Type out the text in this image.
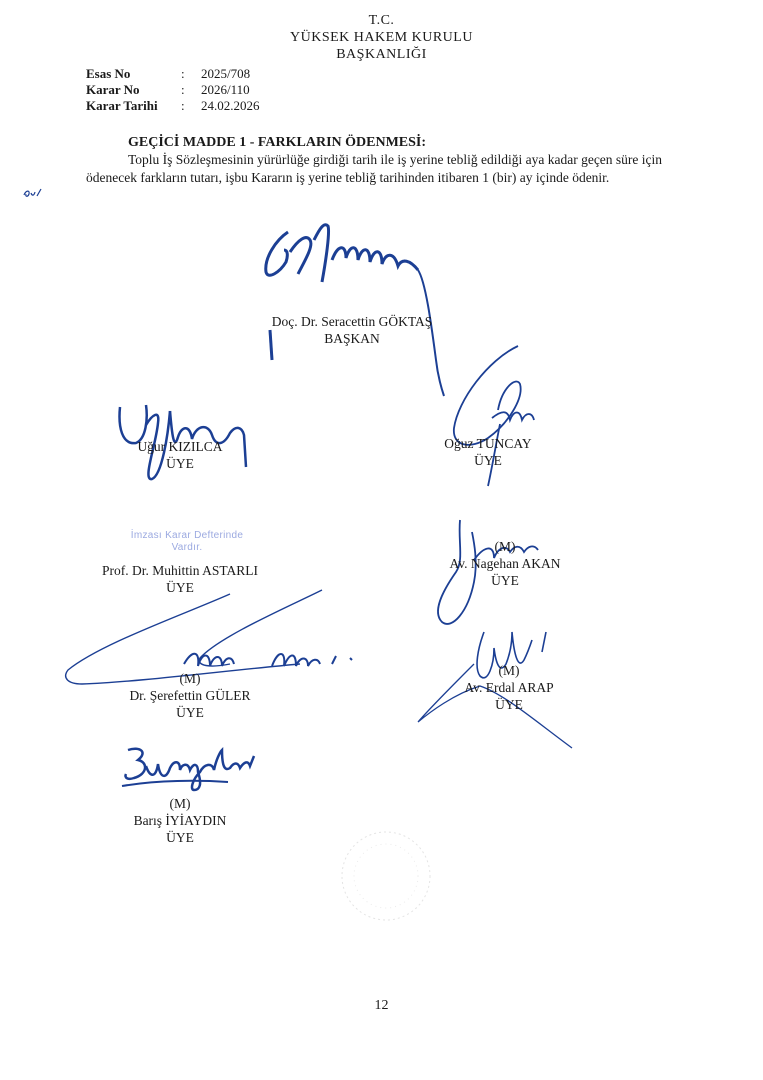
T.C.
YÜKSEK HAKEM KURULU
BAŞKANLIĞI
Esas No	: 2025/708
Karar No	: 2026/110
Karar Tarihi : 24.02.2026
GEÇİCİ MADDE 1 - FARKLARIN ÖDENMESİ:
Toplu İş Sözleşmesinin yürürlüğe girdiği tarih ile iş yerine tebliğ edildiği aya kadar geçen süre için ödenecek farkların tutarı, işbu Kararın iş yerine tebliğ tarihinden itibaren 1 (bir) ay içinde ödenir.
Doç. Dr. Seracettin GÖKTAŞ
BAŞKAN
Uğur KIZILCA
ÜYE
Oğuz TUNCAY
ÜYE
İmzası Karar Defterinde
Vardır.
Prof. Dr. Muhittin ASTARLI
ÜYE
(M)
Av. Nagehan AKAN
ÜYE
(M)
Dr. Şerefettin GÜLER
ÜYE
(M)
Av. Erdal ARAP
ÜYE
(M)
Barış İYİAYDIN
ÜYE
12
